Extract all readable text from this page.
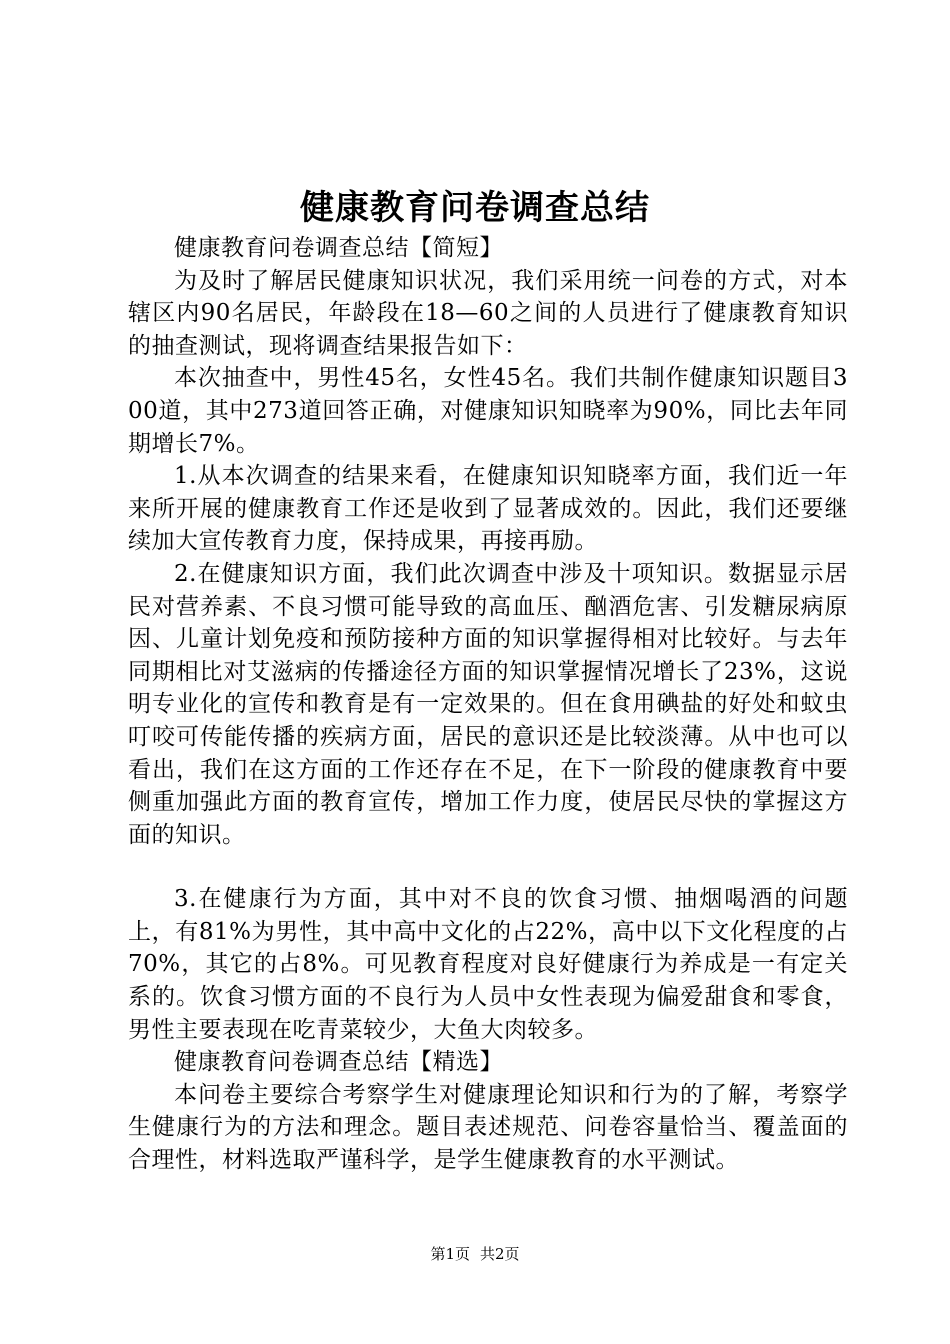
健康教育问卷调查总结

健康教育问卷调查总结【简短】

为及时了解居民健康知识状况，我们采用统一问卷的方式，对本辖区内90名居民，年龄段在18—60之间的人员进行了健康教育知识的抽查测试，现将调查结果报告如下：

本次抽查中，男性45名，女性45名。我们共制作健康知识题目300道，其中273道回答正确，对健康知识知晓率为90%，同比去年同期增长7%。

1.从本次调查的结果来看，在健康知识知晓率方面，我们近一年来所开展的健康教育工作还是收到了显著成效的。因此，我们还要继续加大宣传教育力度，保持成果，再接再励。

2.在健康知识方面，我们此次调查中涉及十项知识。数据显示居民对营养素、不良习惯可能导致的高血压、酗酒危害、引发糖尿病原因、儿童计划免疫和预防接种方面的知识掌握得相对比较好。与去年同期相比对艾滋病的传播途径方面的知识掌握情况增长了23%，这说明专业化的宣传和教育是有一定效果的。但在食用碘盐的好处和蚊虫叮咬可传能传播的疾病方面，居民的意识还是比较淡薄。从中也可以看出，我们在这方面的工作还存在不足，在下一阶段的健康教育中要侧重加强此方面的教育宣传，增加工作力度，使居民尽快的掌握这方面的知识。

3.在健康行为方面，其中对不良的饮食习惯、抽烟喝酒的问题上，有81%为男性，其中高中文化的占22%，高中以下文化程度的占70%，其它的占8%。可见教育程度对良好健康行为养成是一有定关系的。饮食习惯方面的不良行为人员中女性表现为偏爱甜食和零食，男性主要表现在吃青菜较少，大鱼大肉较多。

健康教育问卷调查总结【精选】

本问卷主要综合考察学生对健康理论知识和行为的了解，考察学生健康行为的方法和理念。题目表述规范、问卷容量恰当、覆盖面的合理性，材料选取严谨科学，是学生健康教育的水平测试。

第1页 共2页
